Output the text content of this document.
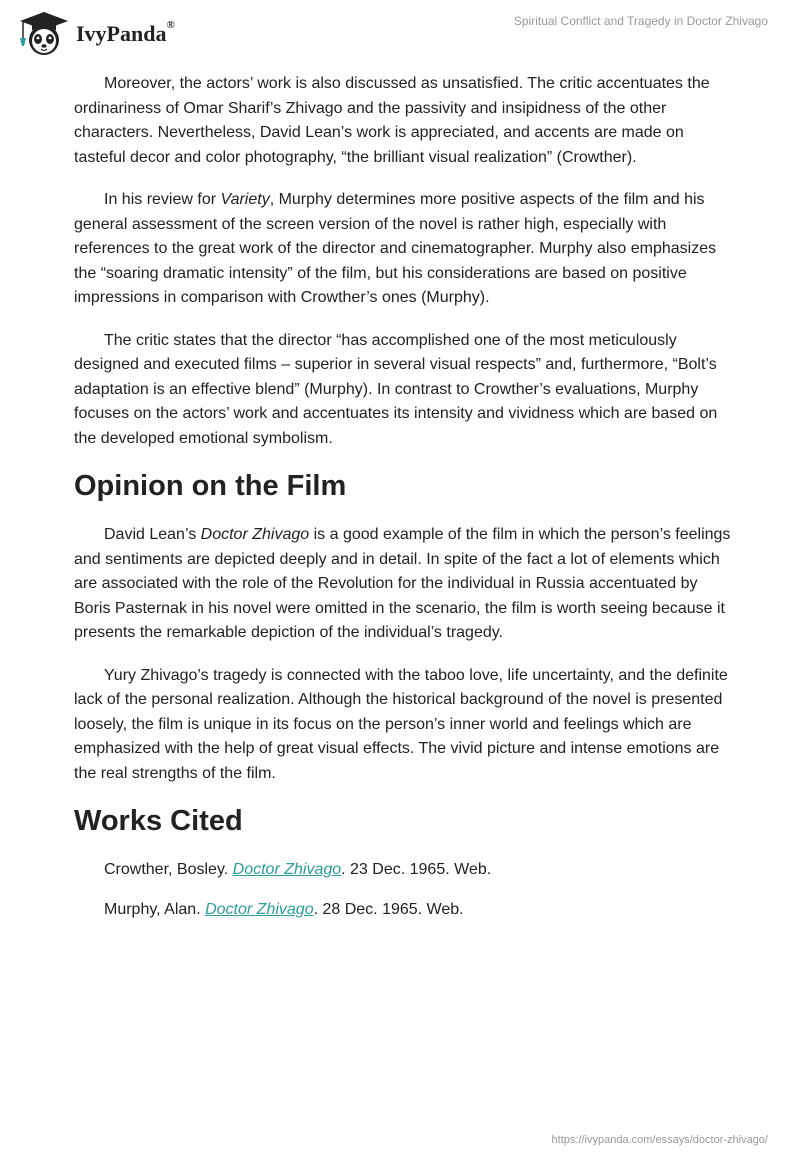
IvyPanda®	Spiritual Conflict and Tragedy in Doctor Zhivago

Moreover, the actors’ work is also discussed as unsatisfied. The critic accentuates the ordinariness of Omar Sharif’s Zhivago and the passivity and insipidness of the other characters. Nevertheless, David Lean’s work is appreciated, and accents are made on tasteful decor and color photography, “the brilliant visual realization” (Crowther).

In his review for Variety, Murphy determines more positive aspects of the film and his general assessment of the screen version of the novel is rather high, especially with references to the great work of the director and cinematographer. Murphy also emphasizes the “soaring dramatic intensity” of the film, but his considerations are based on positive impressions in comparison with Crowther’s ones (Murphy).

The critic states that the director “has accomplished one of the most meticulously designed and executed films – superior in several visual respects” and, furthermore, “Bolt’s adaptation is an effective blend” (Murphy). In contrast to Crowther’s evaluations, Murphy focuses on the actors’ work and accentuates its intensity and vividness which are based on the developed emotional symbolism.

Opinion on the Film

David Lean’s Doctor Zhivago is a good example of the film in which the person’s feelings and sentiments are depicted deeply and in detail. In spite of the fact a lot of elements which are associated with the role of the Revolution for the individual in Russia accentuated by Boris Pasternak in his novel were omitted in the scenario, the film is worth seeing because it presents the remarkable depiction of the individual’s tragedy.

Yury Zhivago’s tragedy is connected with the taboo love, life uncertainty, and the definite lack of the personal realization. Although the historical background of the novel is presented loosely, the film is unique in its focus on the person’s inner world and feelings which are emphasized with the help of great visual effects. The vivid picture and intense emotions are the real strengths of the film.

Works Cited

Crowther, Bosley. Doctor Zhivago. 23 Dec. 1965. Web.

Murphy, Alan. Doctor Zhivago. 28 Dec. 1965. Web.

https://ivypanda.com/essays/doctor-zhivago/
